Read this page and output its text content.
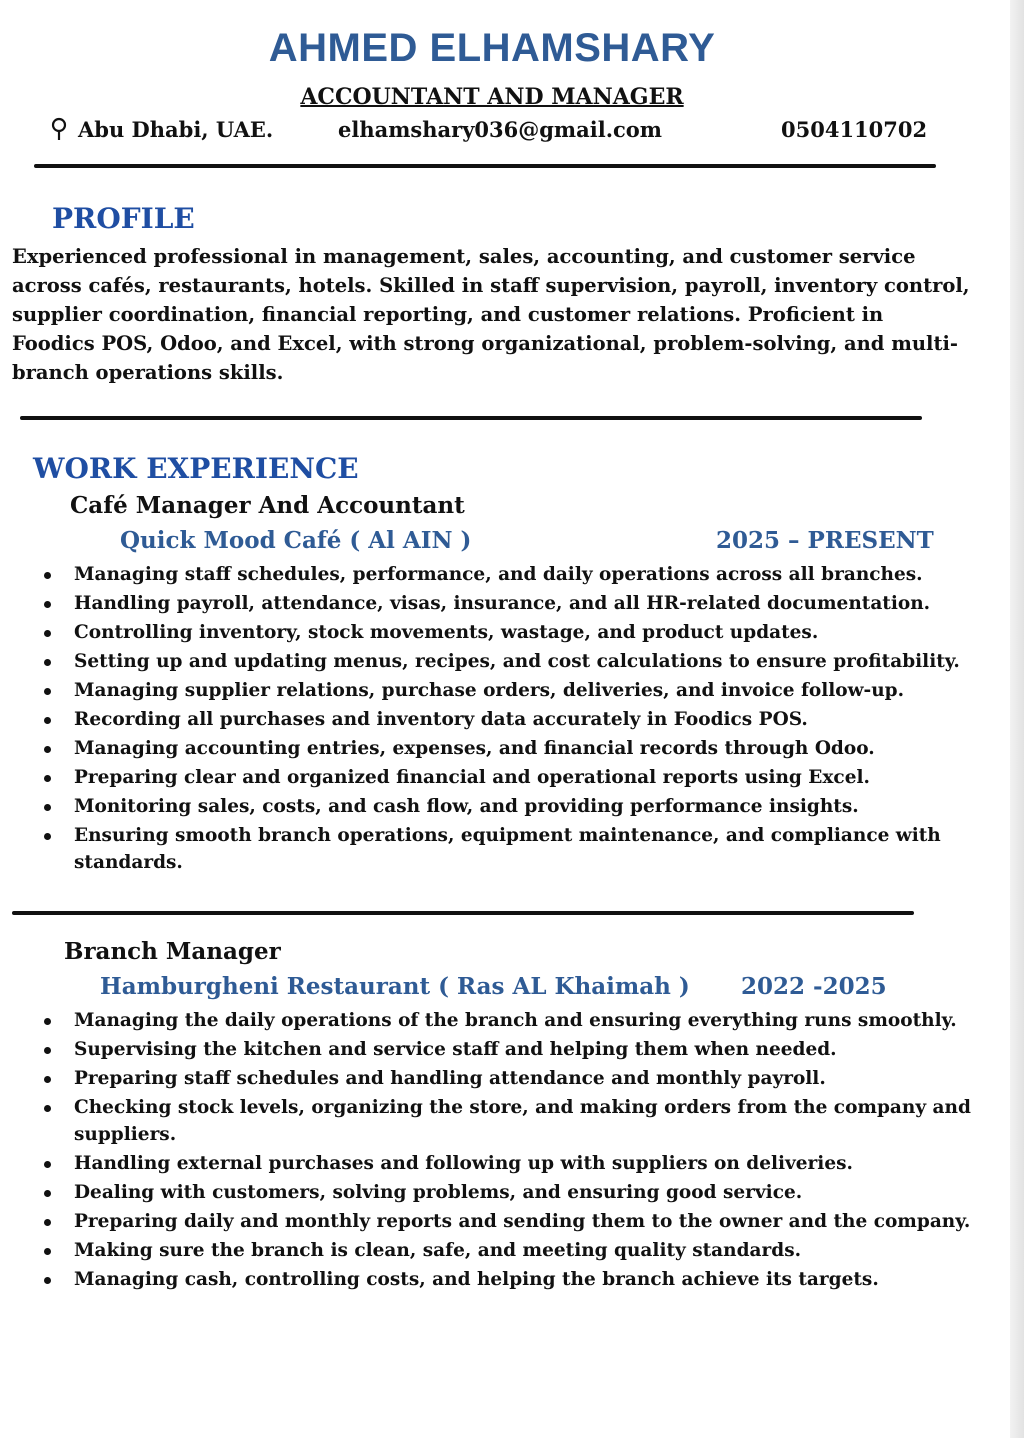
AHMED ELHAMSHARY
ACCOUNTANT AND MANAGER
Abu Dhabi, UAE.	elhamshary036@gmail.com	0504110702
PROFILE

Experienced professional in management, sales, accounting, and customer service across cafés, restaurants, hotels. Skilled in staff supervision, payroll, inventory control, supplier coordination, financial reporting, and customer relations. Proficient in Foodics POS, Odoo, and Excel, with strong organizational, problem-solving, and multi-branch operations skills.

WORK EXPERIENCE
Café Manager And Accountant
Quick Mood Café ( Al AIN )	2025 – PRESENT
Managing staff schedules, performance, and daily operations across all branches.
Handling payroll, attendance, visas, insurance, and all HR-related documentation.
Controlling inventory, stock movements, wastage, and product updates.
Setting up and updating menus, recipes, and cost calculations to ensure profitability.
Managing supplier relations, purchase orders, deliveries, and invoice follow-up.
Recording all purchases and inventory data accurately in Foodics POS.
Managing accounting entries, expenses, and financial records through Odoo.
Preparing clear and organized financial and operational reports using Excel.
Monitoring sales, costs, and cash flow, and providing performance insights.
Ensuring smooth branch operations, equipment maintenance, and compliance with standards.
Branch Manager
Hamburgheni Restaurant ( Ras AL Khaimah ) 2022 -2025
Managing the daily operations of the branch and ensuring everything runs smoothly.
Supervising the kitchen and service staff and helping them when needed.
Preparing staff schedules and handling attendance and monthly payroll.
Checking stock levels, organizing the store, and making orders from the company and suppliers.
Handling external purchases and following up with suppliers on deliveries.
Dealing with customers, solving problems, and ensuring good service.
Preparing daily and monthly reports and sending them to the owner and the company.
Making sure the branch is clean, safe, and meeting quality standards.
Managing cash, controlling costs, and helping the branch achieve its targets.
